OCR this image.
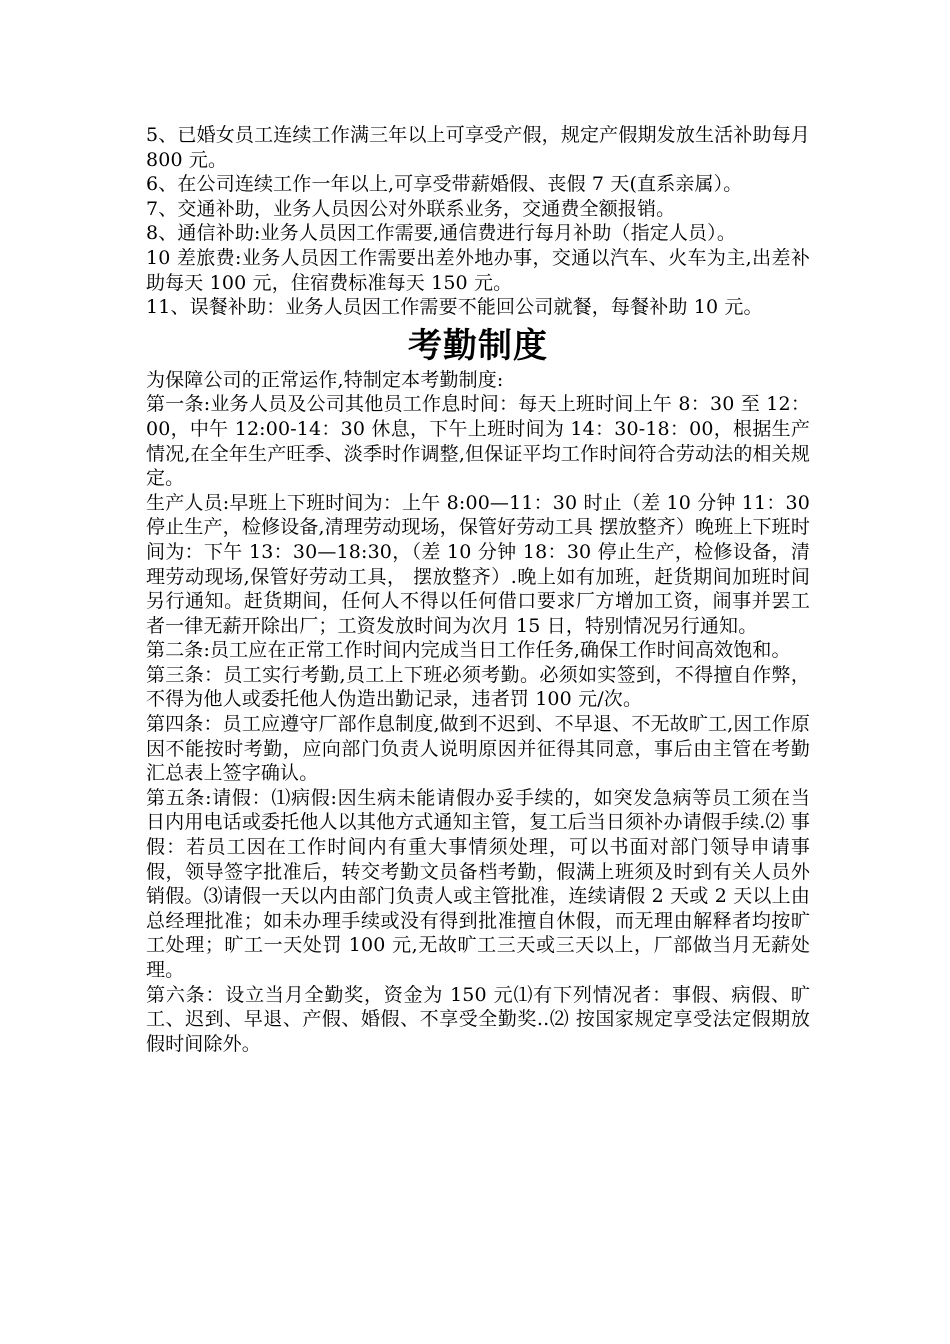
5、已婚女员工连续工作满三年以上可享受产假，规定产假期发放生活补助每月 800 元。

6、在公司连续工作一年以上,可享受带薪婚假、丧假 7 天(直系亲属）。

7、交通补助，业务人员因公对外联系业务，交通费全额报销。

8、通信补助:业务人员因工作需要,通信费进行每月补助（指定人员）。

10 差旅费:业务人员因工作需要出差外地办事，交通以汽车、火车为主,出差补助每天 100 元，住宿费标准每天 150 元。

11、误餐补助：业务人员因工作需要不能回公司就餐，每餐补助 10 元。

考勤制度

为保障公司的正常运作,特制定本考勤制度:

第一条:业务人员及公司其他员工作息时间：每天上班时间上午 8：30 至 12：00，中午 12:00-14：30 休息，下午上班时间为 14：30-18：00，根据生产情况,在全年生产旺季、淡季时作调整,但保证平均工作时间符合劳动法的相关规定。

生产人员:早班上下班时间为：上午 8:00—11：30 时止（差 10 分钟 11：30 停止生产，检修设备,清理劳动现场，保管好劳动工具 摆放整齐）晚班上下班时间为：下午 13：30—18:30，（差 10 分钟 18：30 停止生产，检修设备，清理劳动现场,保管好劳动工具， 摆放整齐）.晚上如有加班，赶货期间加班时间另行通知。赶货期间，任何人不得以任何借口要求厂方增加工资，闹事并罢工者一律无薪开除出厂；工资发放时间为次月 15 日，特别情况另行通知。

第二条:员工应在正常工作时间内完成当日工作任务,确保工作时间高效饱和。

第三条：员工实行考勤,员工上下班必须考勤。必须如实签到，不得擅自作弊，不得为他人或委托他人伪造出勤记录，违者罚 100 元/次。

第四条：员工应遵守厂部作息制度,做到不迟到、不早退、不无故旷工,因工作原因不能按时考勤，应向部门负责人说明原因并征得其同意，事后由主管在考勤汇总表上签字确认。

第五条:请假：⑴病假:因生病未能请假办妥手续的，如突发急病等员工须在当日内用电话或委托他人以其他方式通知主管，复工后当日须补办请假手续.⑵ 事假：若员工因在工作时间内有重大事情须处理，可以书面对部门领导申请事假，领导签字批准后，转交考勤文员备档考勤，假满上班须及时到有关人员外销假。⑶请假一天以内由部门负责人或主管批准，连续请假 2 天或 2 天以上由总经理批准；如未办理手续或没有得到批准擅自休假，而无理由解释者均按旷工处理；旷工一天处罚 100 元,无故旷工三天或三天以上，厂部做当月无薪处理。

第六条：设立当月全勤奖，资金为 150 元⑴有下列情况者：事假、病假、旷工、迟到、早退、产假、婚假、不享受全勤奖..⑵ 按国家规定享受法定假期放假时间除外。
